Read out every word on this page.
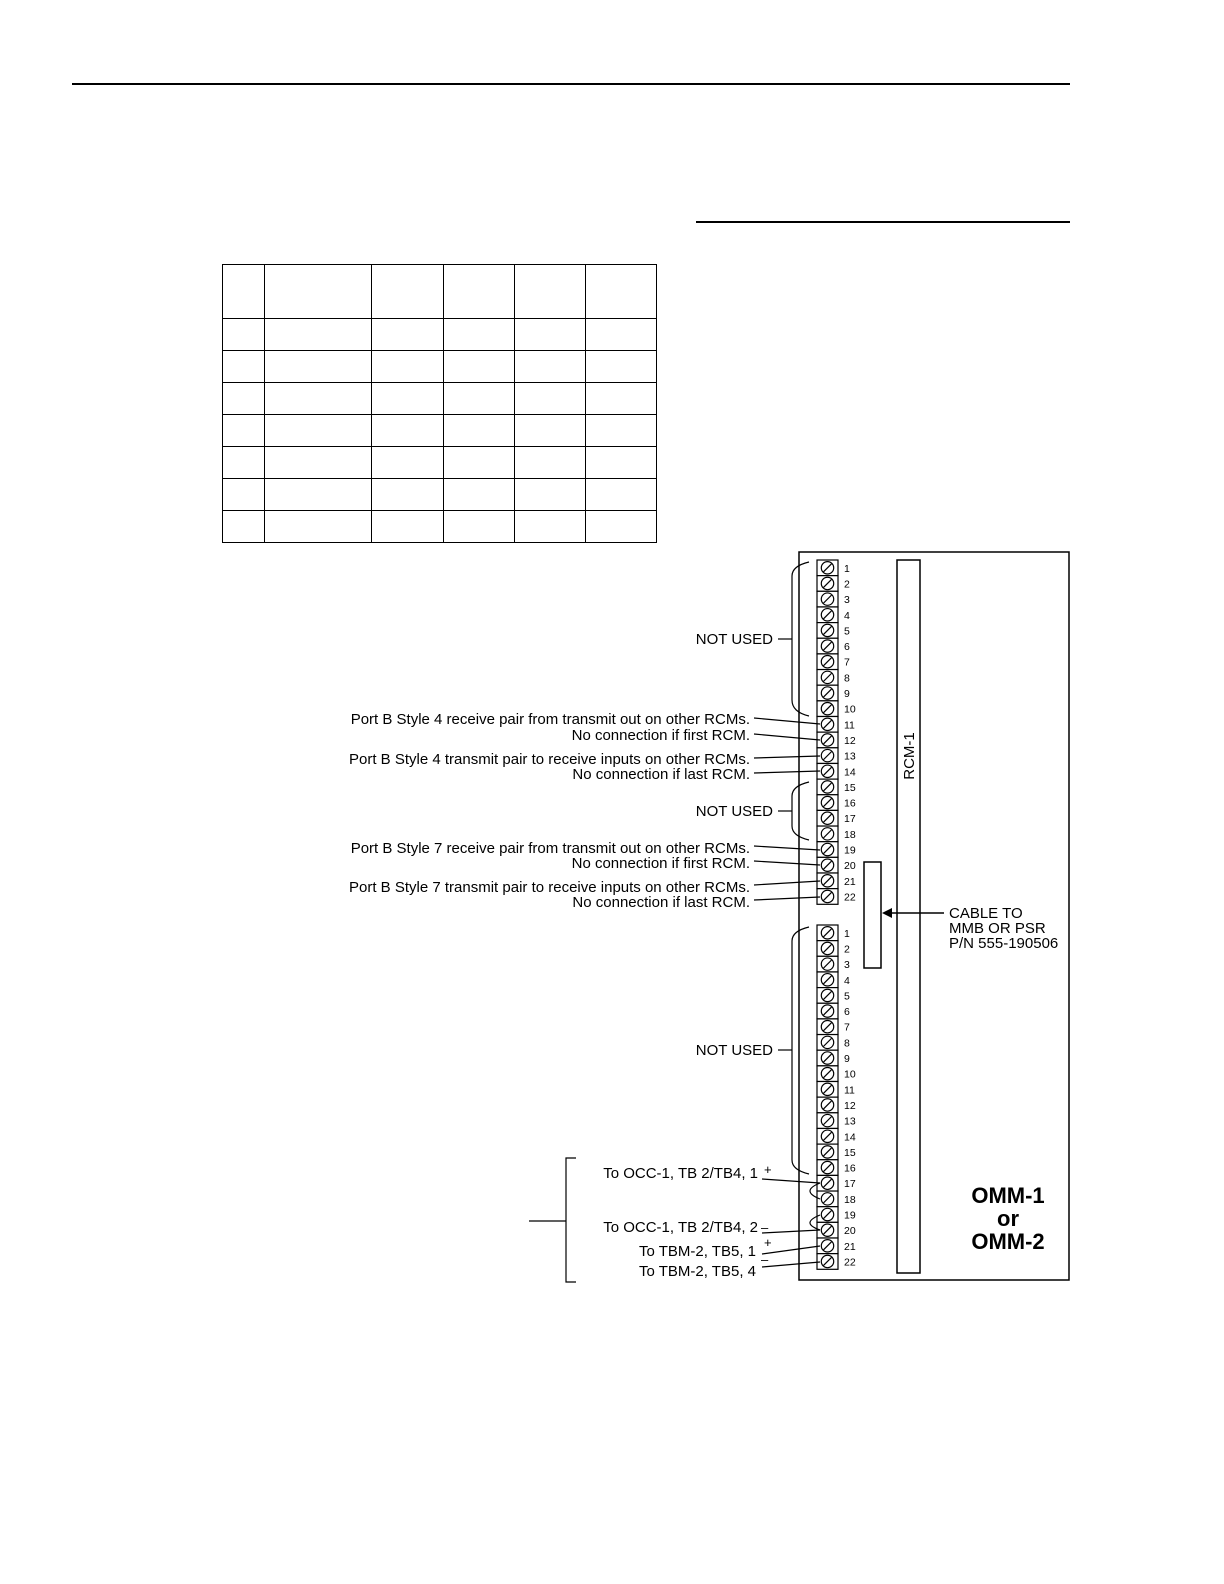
RCM-1
CABLE TO
MMB OR PSR
P/N 555-190506
1
2
3
4
5
6
7
8
9
10
11
12
13
14
15
16
17
18
19
20
21
22
1
2
3
4
5
6
7
8
9
10
11
12
13
14
15
16
17
18
19
20
21
22
NOT USED
NOT USED
NOT USED
Port B Style 4 receive pair from transmit out on other RCMs.
No connection if first RCM.
Port B Style 4 transmit pair to receive inputs on other RCMs.
No connection if last RCM.
Port B Style 7 receive pair from transmit out on other RCMs.
No connection if first RCM.
Port B Style 7 transmit pair to receive inputs on other RCMs.
No connection if last RCM.
To OCC-1, TB 2/TB4, 1 +
To OCC-1, TB 2/TB4, 2 –
To TBM-2, TB5, 1
+
To TBM-2, TB5, 4
–
OMM-1
or
OMM-2
